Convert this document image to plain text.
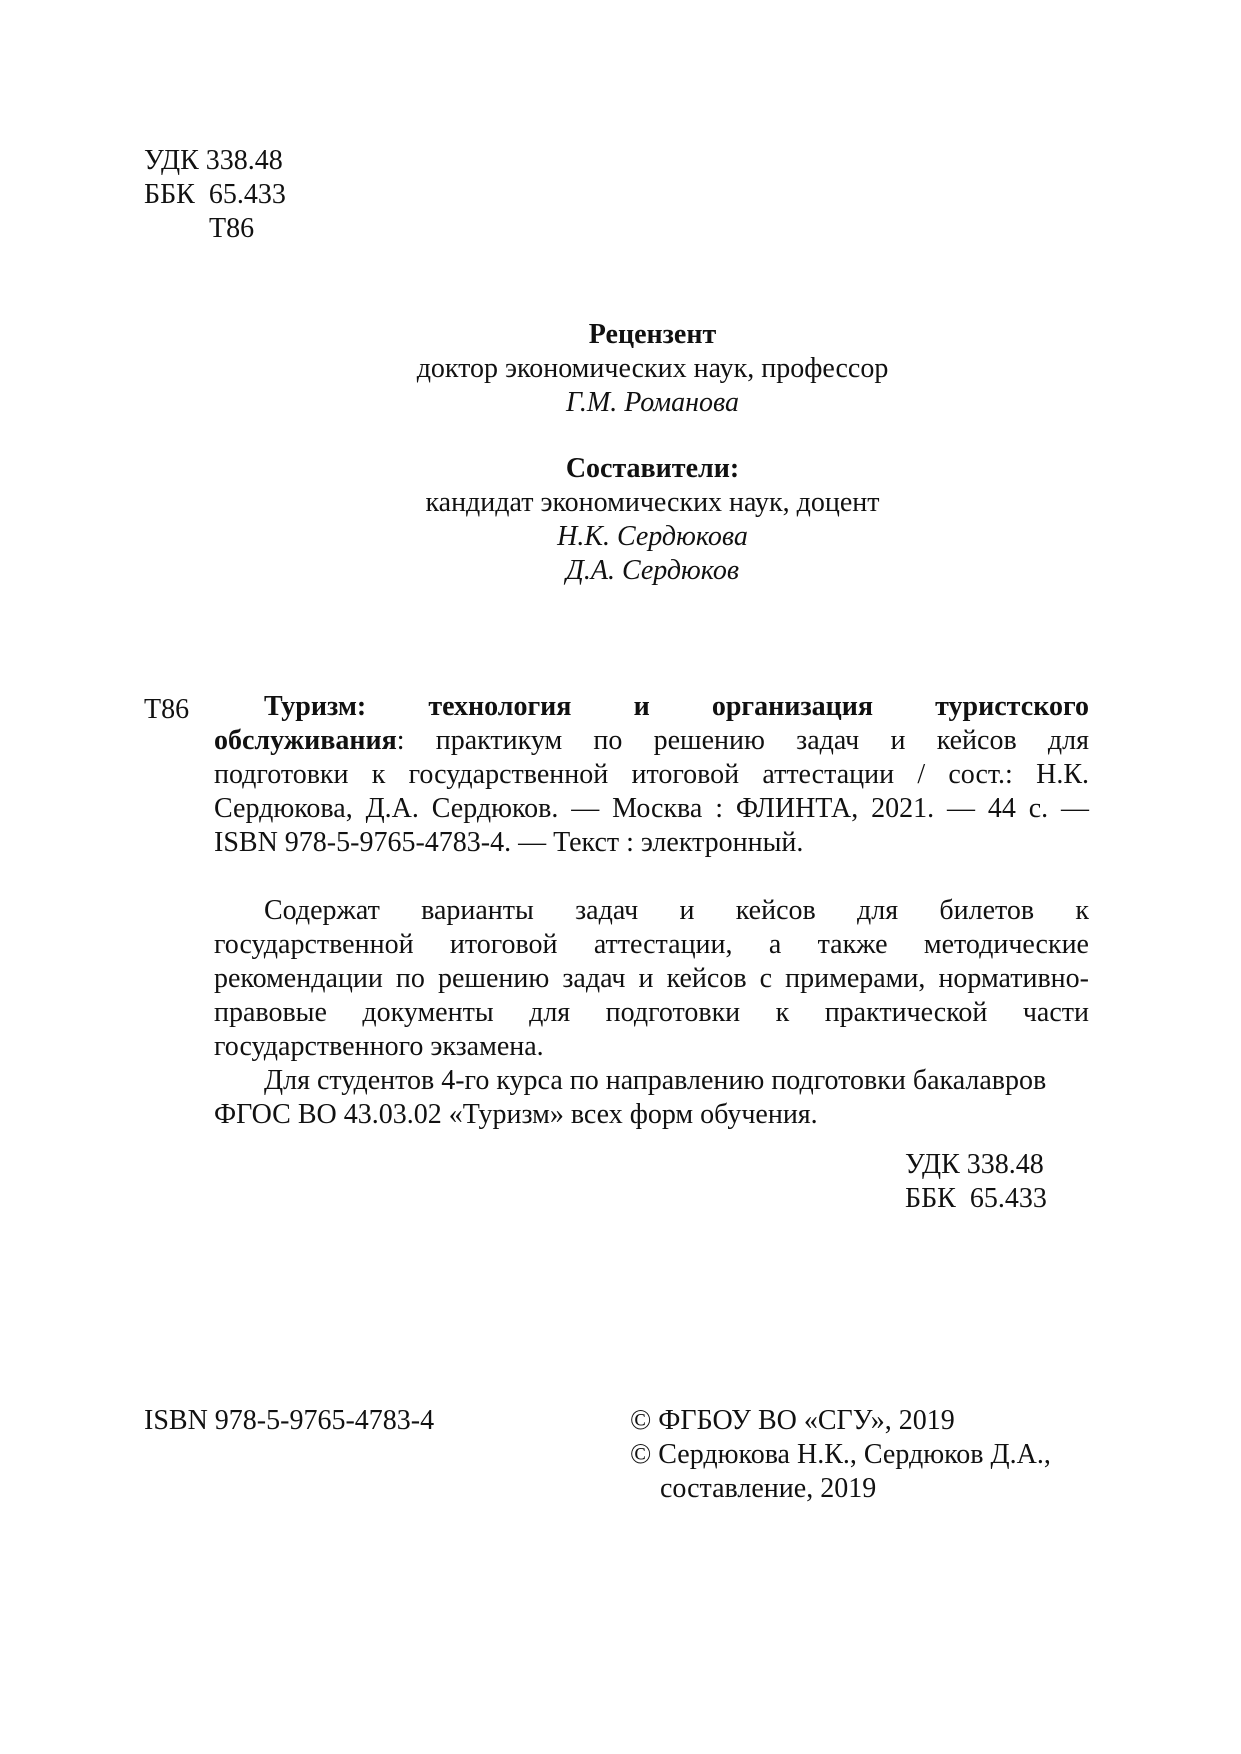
УДК 338.48
ББК  65.433
Т86
Рецензент
доктор экономических наук, профессор
Г.М. Романова
Составители:
кандидат экономических наук, доцент
Н.К. Сердюкова
Д.А. Сердюков
Т86	Туризм: технология и организация туристского

обслуживания: практикум по решению задач и кейсов для

подготовки к государственной итоговой аттестации / сост.: Н.К. Сердюкова, Д.А. Сердюков. — Москва : ФЛИНТА, 2021. — 44 с. — ISBN 978-5-9765-4783-4. — Текст : электронный.

Содержат варианты задач и кейсов для билетов к

государственной итоговой аттестации, а также методические рекомендации по решению задач и кейсов с примерами, нормативно-правовые документы для подготовки к практической части государственного экзамена.

Для студентов 4-го курса по направлению подготовки бакалавров

ФГОС ВО 43.03.02 «Туризм» всех форм обучения.

УДК 338.48
ББК  65.433
ISBN 978-5-9765-4783-4	© ФГБОУ ВО «СГУ», 2019
© Сердюкова Н.К., Сердюков Д.А.,
составление, 2019
